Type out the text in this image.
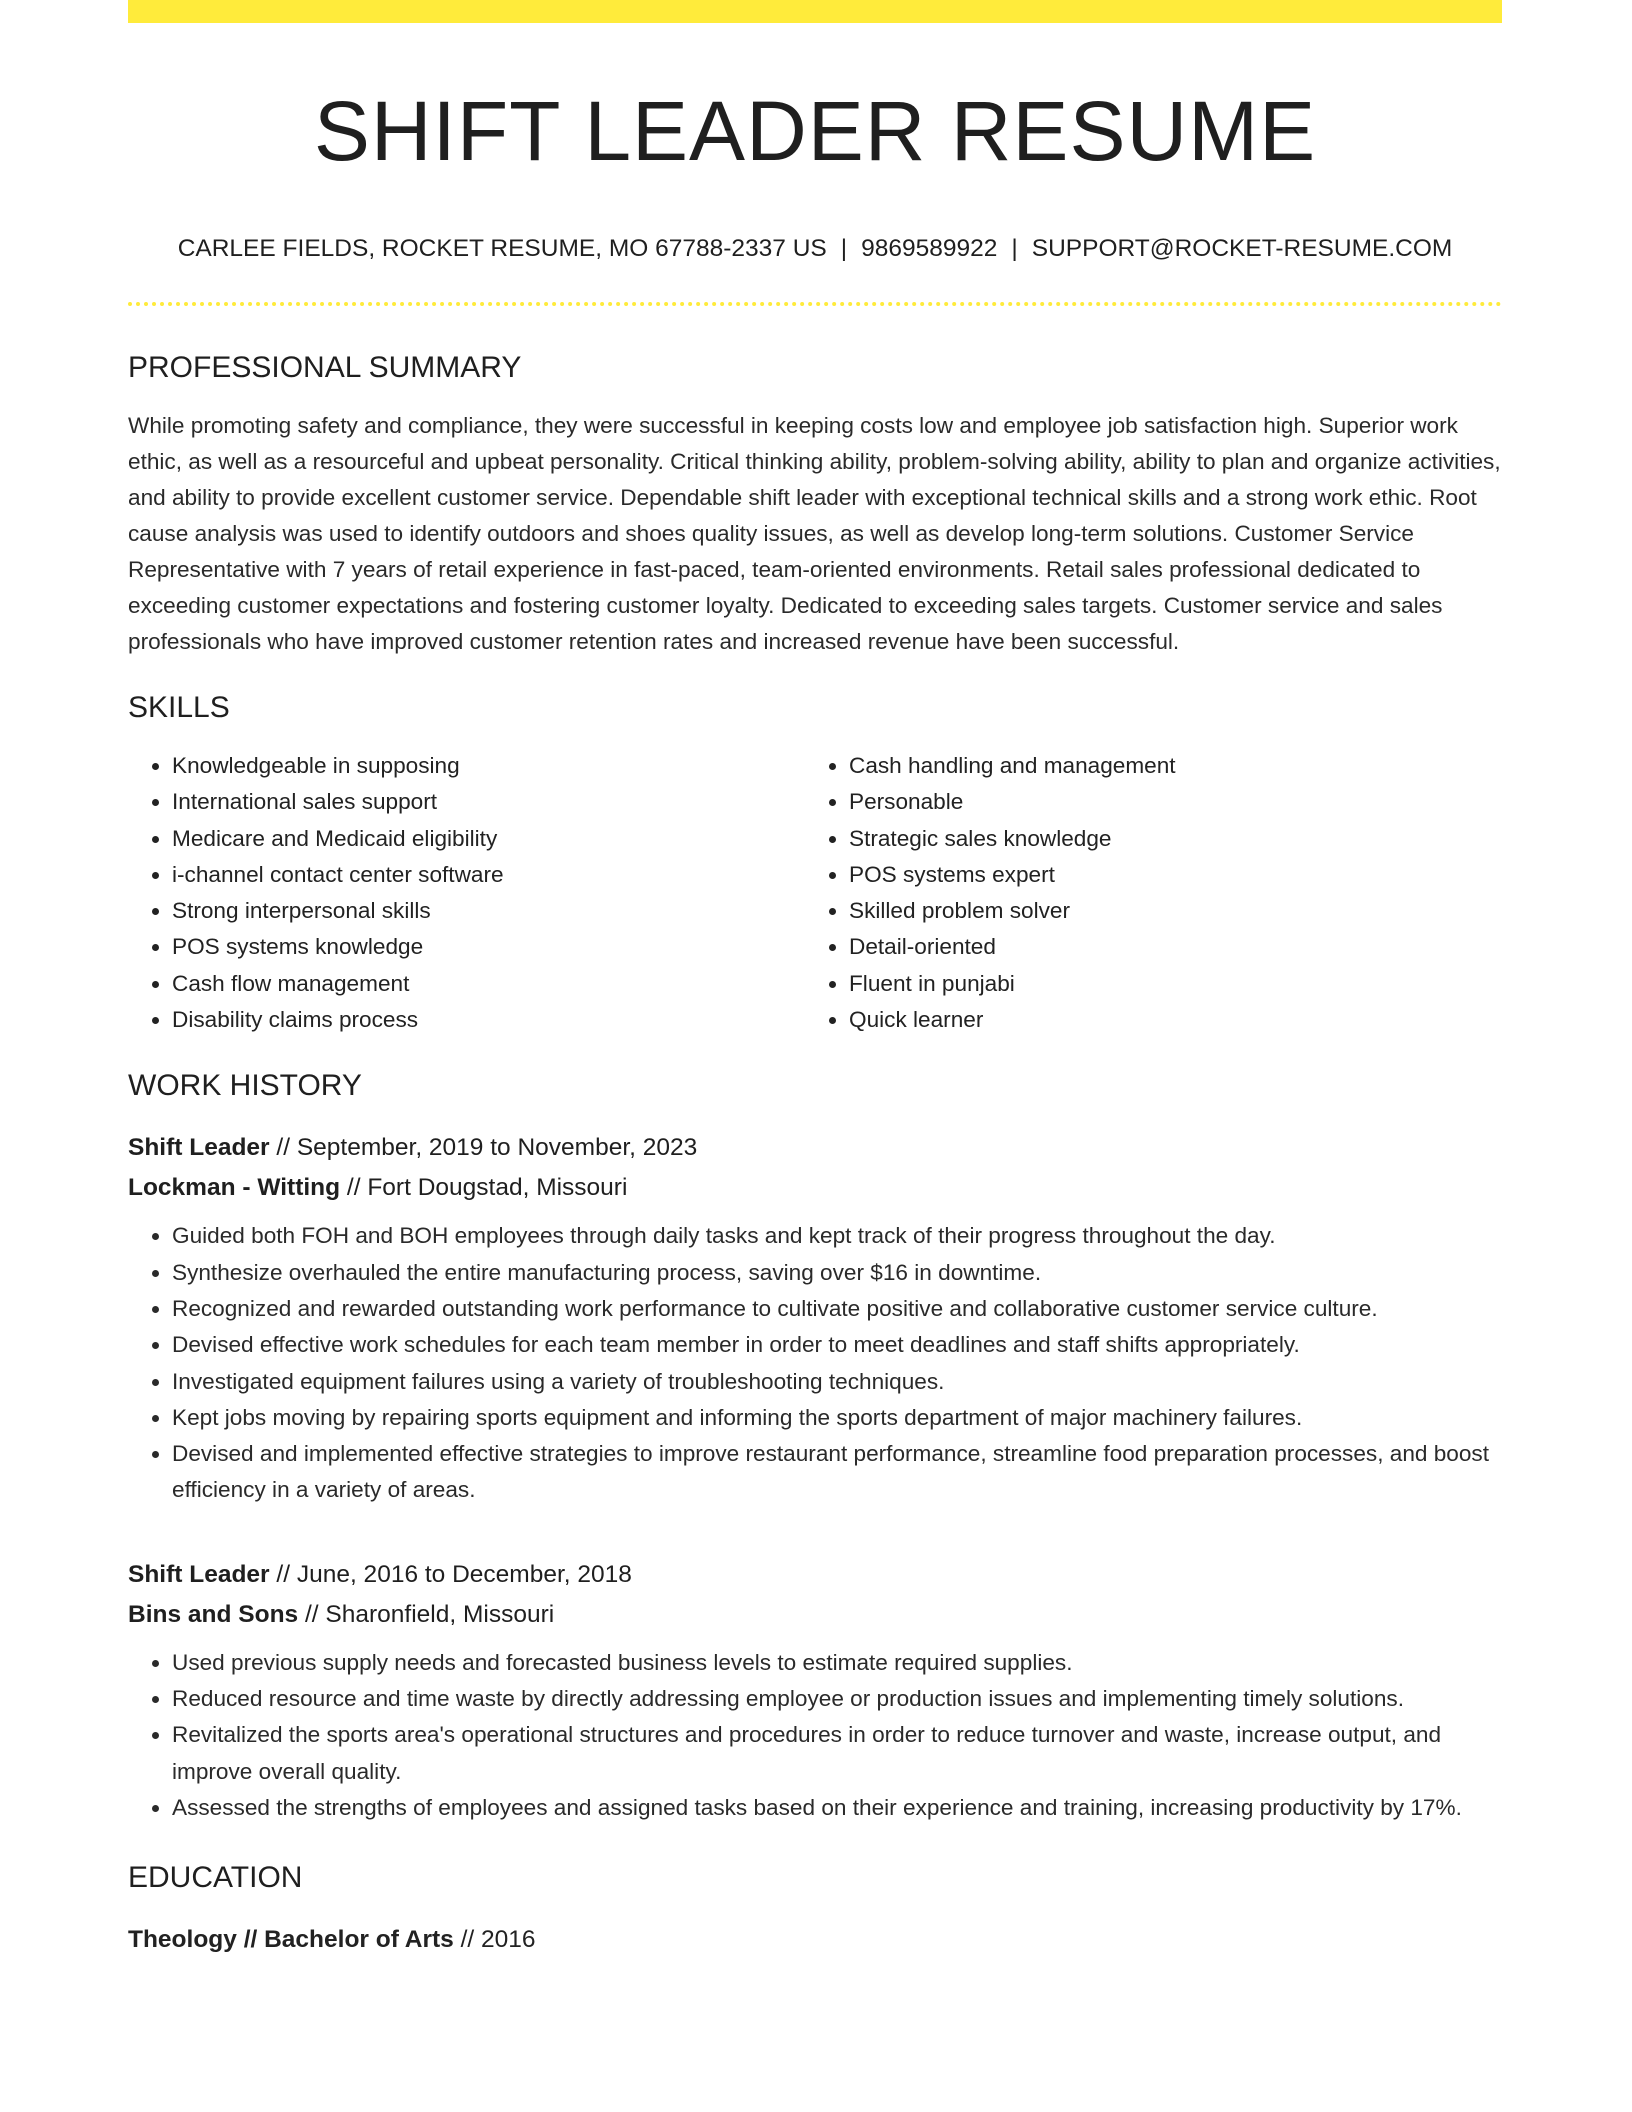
SHIFT LEADER RESUME
CARLEE FIELDS, ROCKET RESUME, MO 67788-2337 US | 9869589922 | SUPPORT@ROCKET-RESUME.COM
PROFESSIONAL SUMMARY
While promoting safety and compliance, they were successful in keeping costs low and employee job satisfaction high. Superior work ethic, as well as a resourceful and upbeat personality. Critical thinking ability, problem-solving ability, ability to plan and organize activities, and ability to provide excellent customer service. Dependable shift leader with exceptional technical skills and a strong work ethic. Root cause analysis was used to identify outdoors and shoes quality issues, as well as develop long-term solutions. Customer Service Representative with 7 years of retail experience in fast-paced, team-oriented environments. Retail sales professional dedicated to exceeding customer expectations and fostering customer loyalty. Dedicated to exceeding sales targets. Customer service and sales professionals who have improved customer retention rates and increased revenue have been successful.
SKILLS
• Knowledgeable in supposing
• International sales support
• Medicare and Medicaid eligibility
• i-channel contact center software
• Strong interpersonal skills
• POS systems knowledge
• Cash flow management
• Disability claims process
• Cash handling and management
• Personable
• Strategic sales knowledge
• POS systems expert
• Skilled problem solver
• Detail-oriented
• Fluent in punjabi
• Quick learner
WORK HISTORY
Shift Leader // September, 2019 to November, 2023
Lockman - Witting // Fort Dougstad, Missouri
• Guided both FOH and BOH employees through daily tasks and kept track of their progress throughout the day.
• Synthesize overhauled the entire manufacturing process, saving over $16 in downtime.
• Recognized and rewarded outstanding work performance to cultivate positive and collaborative customer service culture.
• Devised effective work schedules for each team member in order to meet deadlines and staff shifts appropriately.
• Investigated equipment failures using a variety of troubleshooting techniques.
• Kept jobs moving by repairing sports equipment and informing the sports department of major machinery failures.
• Devised and implemented effective strategies to improve restaurant performance, streamline food preparation processes, and boost efficiency in a variety of areas.
Shift Leader // June, 2016 to December, 2018
Bins and Sons // Sharonfield, Missouri
• Used previous supply needs and forecasted business levels to estimate required supplies.
• Reduced resource and time waste by directly addressing employee or production issues and implementing timely solutions.
• Revitalized the sports area's operational structures and procedures in order to reduce turnover and waste, increase output, and improve overall quality.
• Assessed the strengths of employees and assigned tasks based on their experience and training, increasing productivity by 17%.
EDUCATION
Theology // Bachelor of Arts // 2016
